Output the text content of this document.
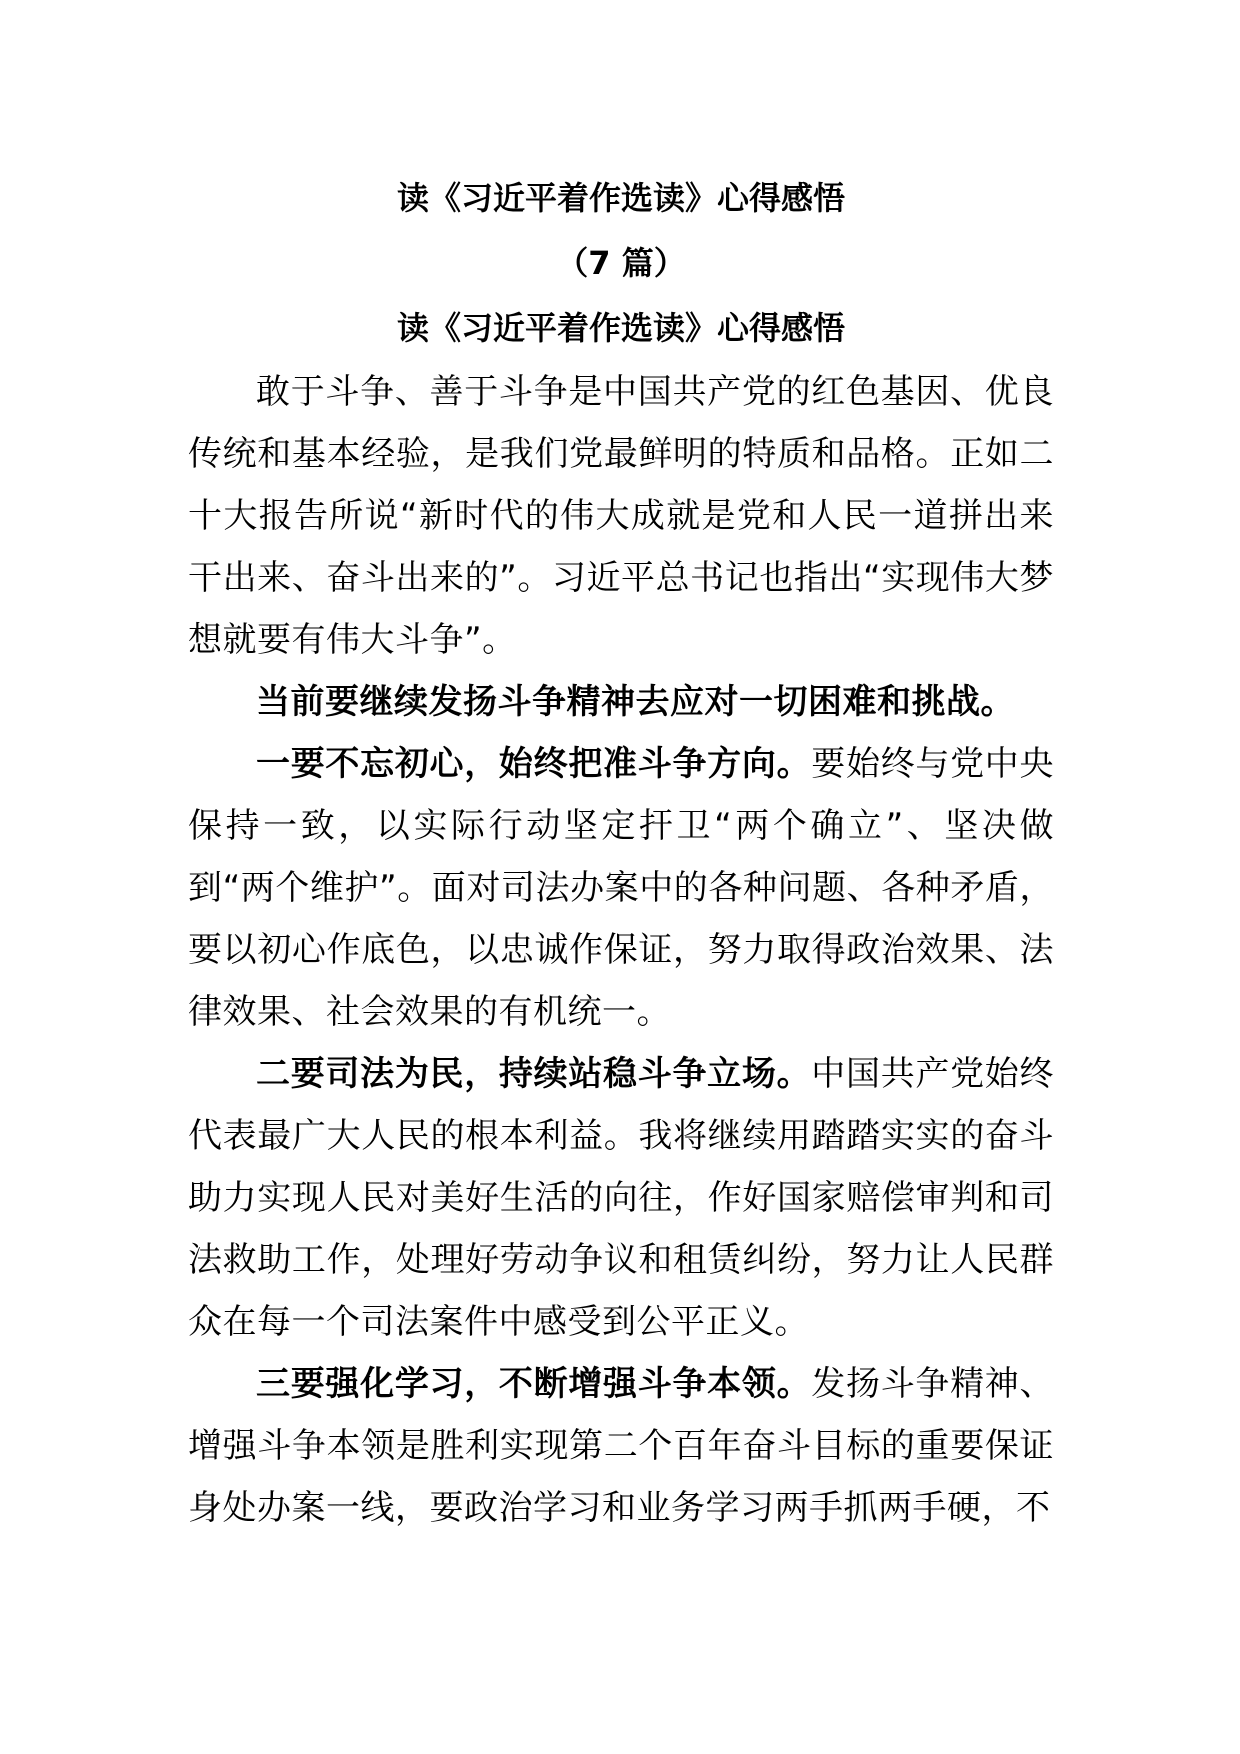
读《习近平着作选读》心得感悟
（7 篇）
读《习近平着作选读》心得感悟

敢于斗争、善于斗争是中国共产党的红色基因、优良传统和基本经验，是我们党最鲜明的特质和品格。正如二十大报告所说“新时代的伟大成就是党和人民一道拼出来干出来、奋斗出来的”。习近平总书记也指出“实现伟大梦想就要有伟大斗争”。

当前要继续发扬斗争精神去应对一切困难和挑战。

一要不忘初心，始终把准斗争方向。要始终与党中央保持一致，以实际行动坚定扞卫“两个确立”、坚决做到“两个维护”。面对司法办案中的各种问题、各种矛盾，要以初心作底色，以忠诚作保证，努力取得政治效果、法律效果、社会效果的有机统一。

二要司法为民，持续站稳斗争立场。中国共产党始终代表最广大人民的根本利益。我将继续用踏踏实实的奋斗助力实现人民对美好生活的向往，作好国家赔偿审判和司法救助工作，处理好劳动争议和租赁纠纷，努力让人民群众在每一个司法案件中感受到公平正义。

三要强化学习，不断增强斗争本领。发扬斗争精神、增强斗争本领是胜利实现第二个百年奋斗目标的重要保证身处办案一线，要政治学习和业务学习两手抓两手硬，不
